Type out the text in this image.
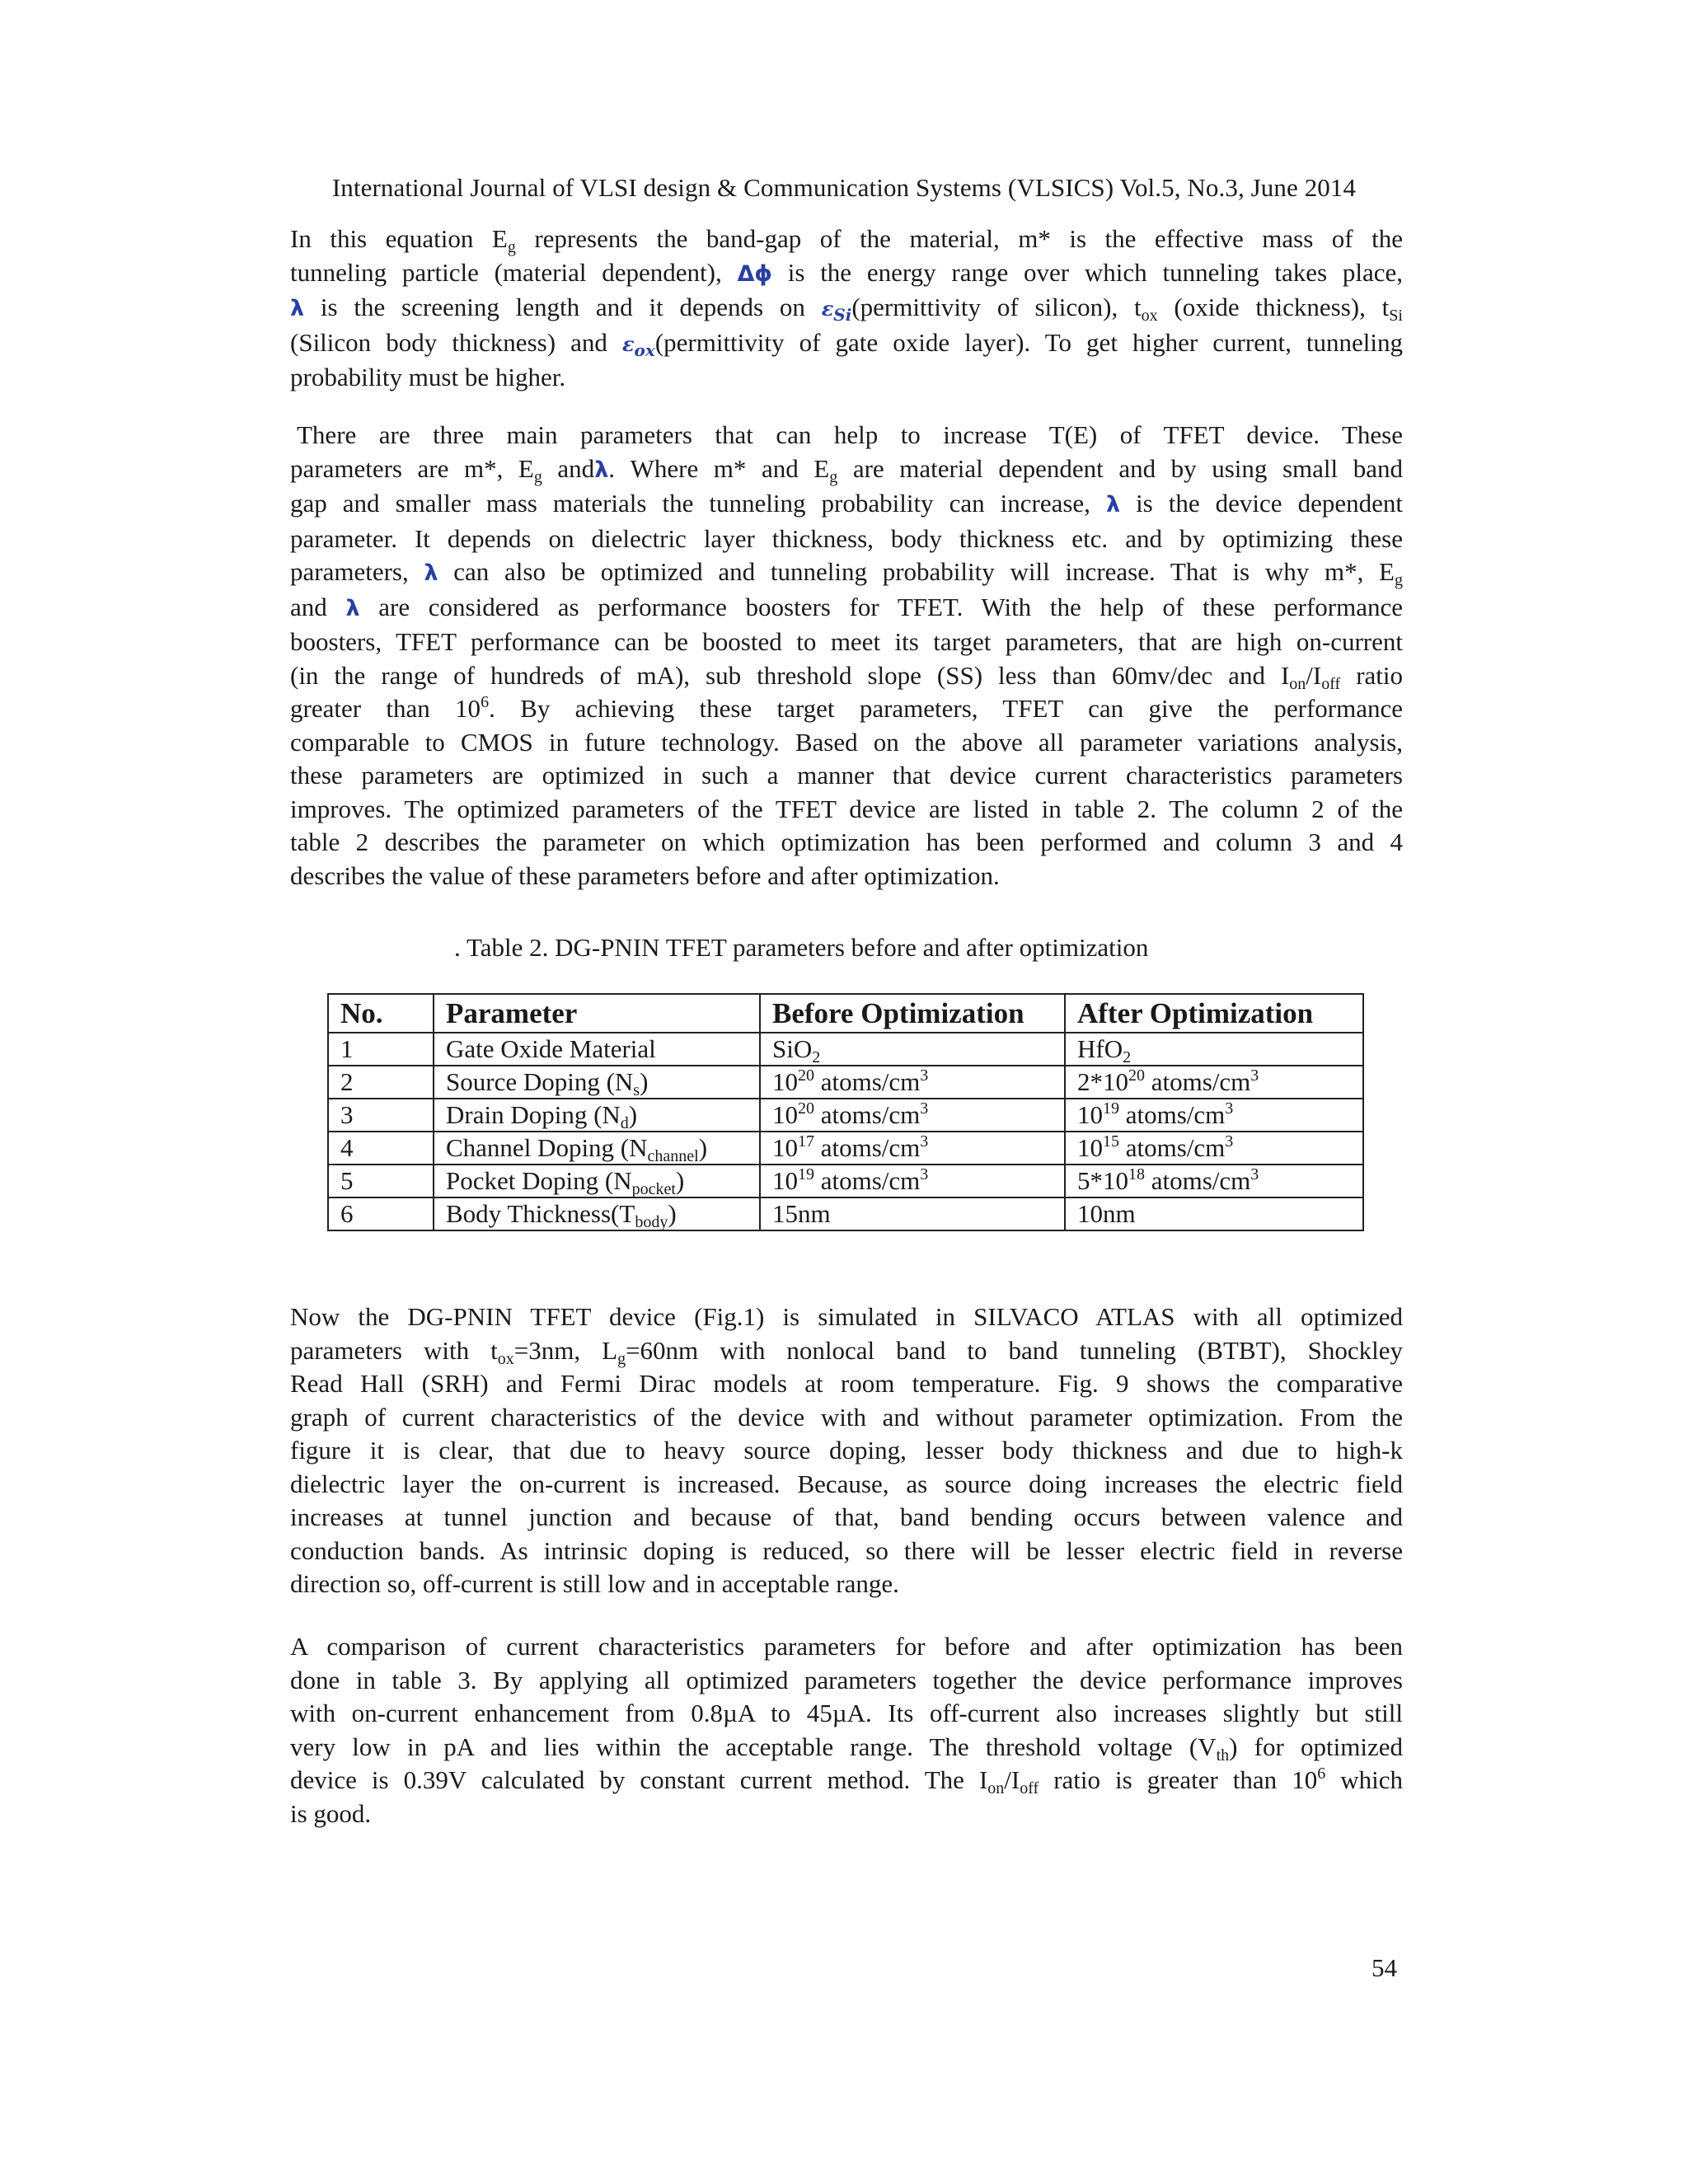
International Journal of VLSI design & Communication Systems (VLSICS) Vol.5, No.3, June 2014

In this equation $E_g$ represents the band-gap of the material, m* is the effective mass of the
tunneling particle (material dependent), Δϕ is the energy range over which tunneling takes place,
λ is the screening length and it depends on $\varepsilon_{Si}(permittivity$ of silicon), $t_{ox}$ (oxide thickness), $t_{Si}$
(Silicon body thickness) and $\varepsilon_{ox}(permittivity$ of gate oxide layer). To get higher current, tunneling
probability must be higher.

There are three main parameters that can help to increase T(E) of TFET device. These
parameters are m*, $E_g$ andλ. Where m* and $E_g$ are material dependent and by using small band
gap and smaller mass materials the tunneling probability can increase, λ is the device dependent
parameter. It depends on dielectric layer thickness, body thickness etc. and by optimizing these
parameters, λ can also be optimized and tunneling probability will increase. That is why m*, $E_g$
and λ are considered as performance boosters for TFET. With the help of these performance
boosters, TFET performance can be boosted to meet its target parameters, that are high on-current
(in the range of hundreds of mA), sub threshold slope (SS) less than 60mv/dec and $I_{on}/I_{off}$ ratio
greater than $10^6$. By achieving these target parameters, TFET can give the performance
comparable to CMOS in future technology. Based on the above all parameter variations analysis,
these parameters are optimized in such a manner that device current characteristics parameters
improves. The optimized parameters of the TFET device are listed in table 2. The column 2 of the
table 2 describes the parameter on which optimization has been performed and column 3 and 4
describes the value of these parameters before and after optimization.

. Table 2. DG-PNIN TFET parameters before and after optimization
No.	Parameter	Before Optimization	After Optimization
1	Gate Oxide Material	SiO$_2$	HfO$_2$
2	Source Doping $(N_s)$	$10^{20}$ atoms/$cm^3$	$2*10^{20}$ atoms/$cm^3$
3	Drain Doping $(N_d)$	$10^{20}$ atoms/$cm^3$	$10^{19}$ atoms/$cm^3$
4	Channel Doping $(N_{channel})$	$10^{17}$ atoms/$cm^3$	$10^{15}$ atoms/$cm^3$
5	Pocket Doping $(N_{pocket})$	$10^{19}$ atoms/$cm^3$	$5*10^{18}$ atoms/$cm^3$
6	Body $Thickness(T_{body})$	15nm	10nm

Now the DG-PNIN TFET device (Fig.1) is simulated in SILVACO ATLAS with all optimized
parameters with $t_{ox}=3nm$, $L_g=60nm$ with nonlocal band to band tunneling (BTBT), Shockley
Read Hall (SRH) and Fermi Dirac models at room temperature. Fig. 9 shows the comparative
graph of current characteristics of the device with and without parameter optimization. From the
figure it is clear, that due to heavy source doping, lesser body thickness and due to high-k
dielectric layer the on-current is increased. Because, as source doing increases the electric field
increases at tunnel junction and because of that, band bending occurs between valence and
conduction bands. As intrinsic doping is reduced, so there will be lesser electric field in reverse
direction so, off-current is still low and in acceptable range.

A comparison of current characteristics parameters for before and after optimization has been
done in table 3. By applying all optimized parameters together the device performance improves
with on-current enhancement from 0.8µA to 45µA. Its off-current also increases slightly but still
very low in pA and lies within the acceptable range. The threshold voltage $(V_{th})$ for optimized
device is 0.39V calculated by constant current method. The $I_{on}/I_{off}$ ratio is greater than $10^6$ which
is good.

54
